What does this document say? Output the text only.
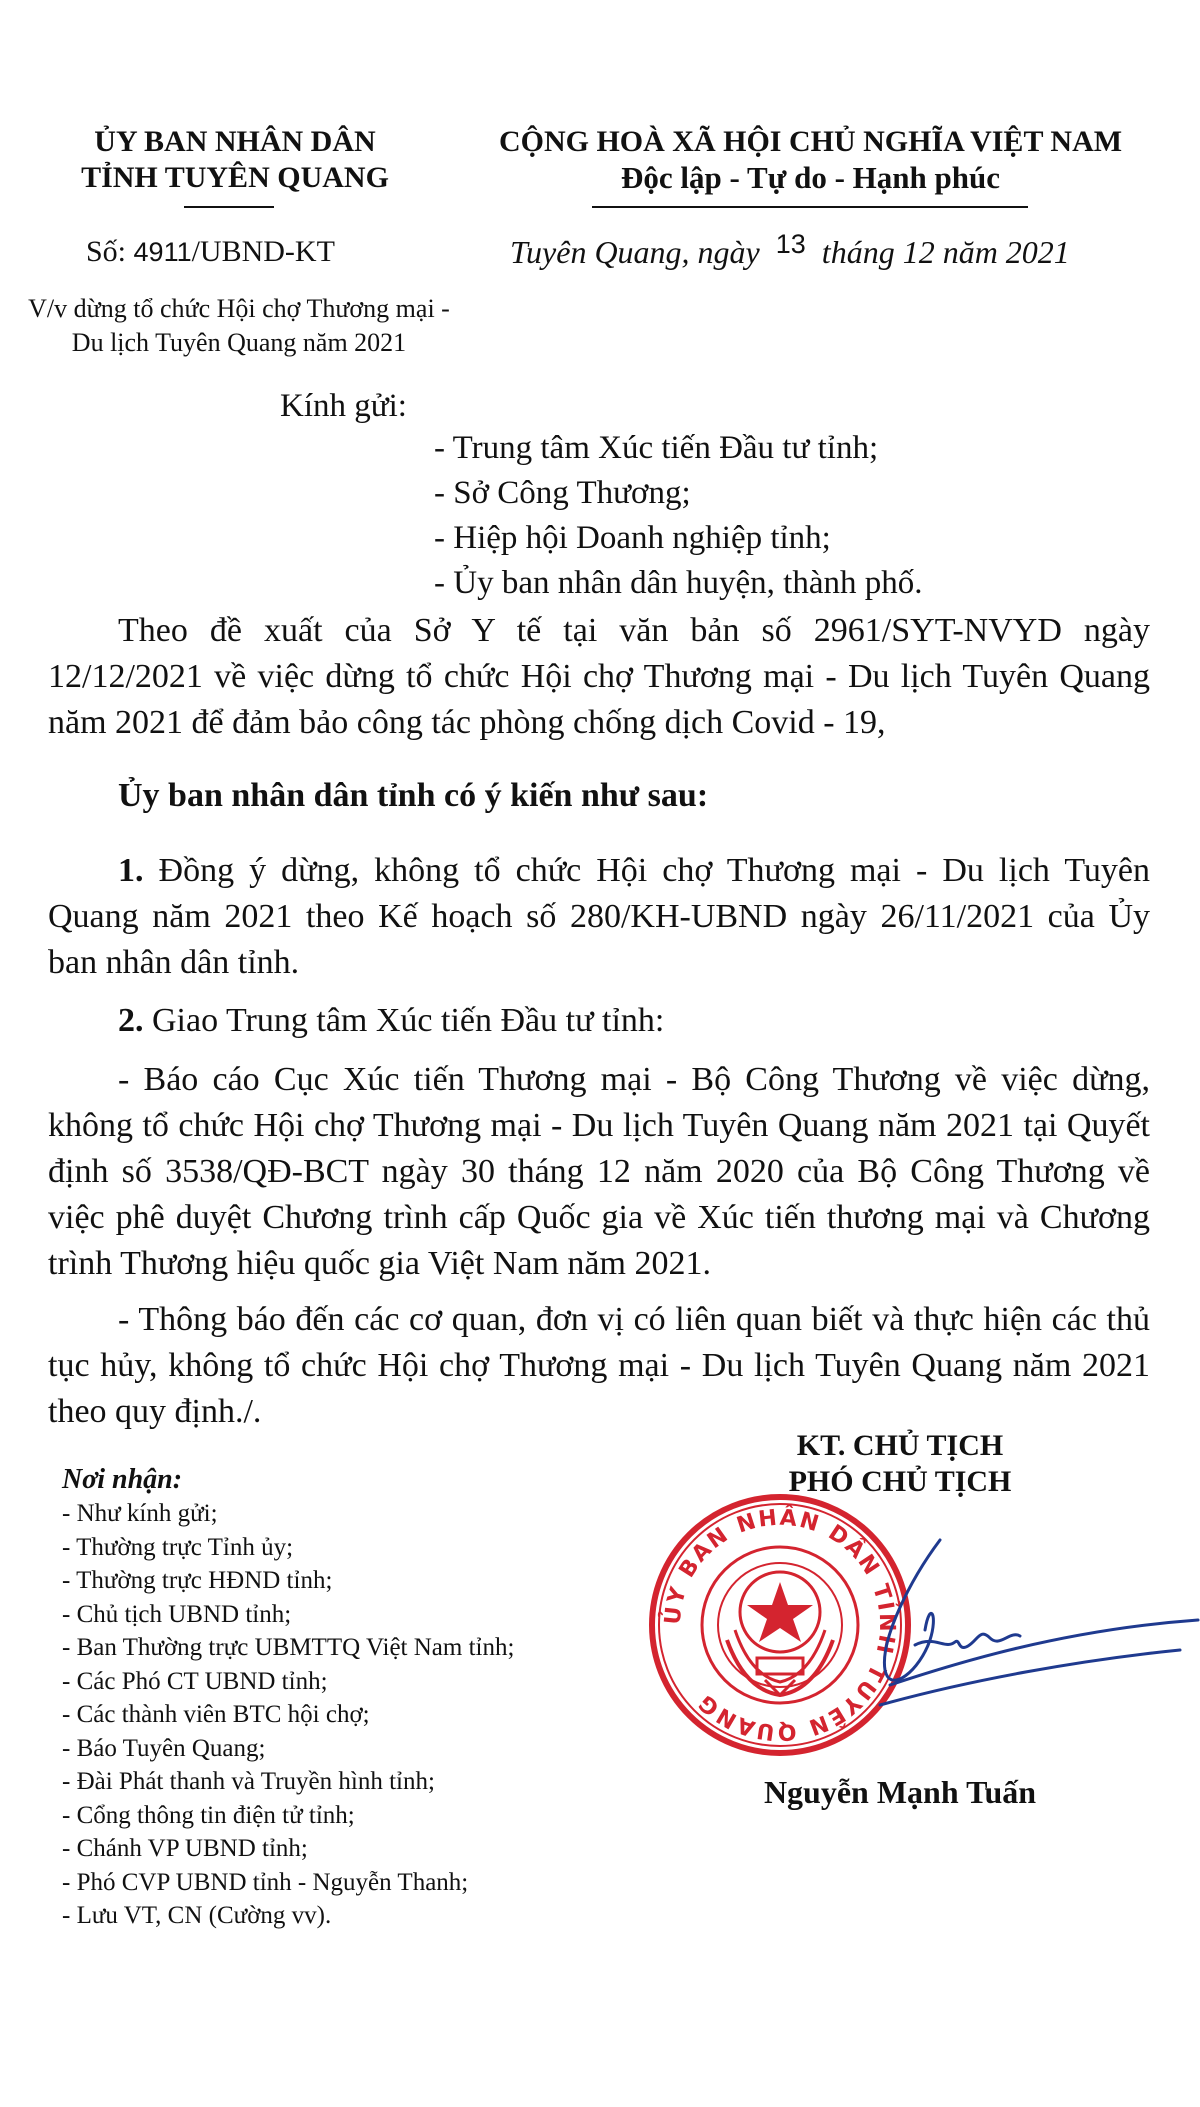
ỦY BAN NHÂN DÂN
TỈNH TUYÊN QUANG
CỘNG HOÀ XÃ HỘI CHỦ NGHĨA VIỆT NAM
Độc lập - Tự do - Hạnh phúc
Số: 4911/UBND-KT	Tuyên Quang, ngày $^{13}$ tháng 12 năm 2021
V/v dừng tổ chức Hội chợ Thương mại -
Du lịch Tuyên Quang năm 2021
Kính gửi:
- Trung tâm Xúc tiến Đầu tư tỉnh;
- Sở Công Thương;
- Hiệp hội Doanh nghiệp tỉnh;
- Ủy ban nhân dân huyện, thành phố.
Theo đề xuất của Sở Y tế tại văn bản số 2961/SYT-NVYD ngày 12/12/2021 về việc dừng tổ chức Hội chợ Thương mại - Du lịch Tuyên Quang năm 2021 để đảm bảo công tác phòng chống dịch Covid - 19,
Ủy ban nhân dân tỉnh có ý kiến như sau:
1. Đồng ý dừng, không tổ chức Hội chợ Thương mại - Du lịch Tuyên Quang năm 2021 theo Kế hoạch số 280/KH-UBND ngày 26/11/2021 của Ủy ban nhân dân tỉnh.
2. Giao Trung tâm Xúc tiến Đầu tư tỉnh:
- Báo cáo Cục Xúc tiến Thương mại - Bộ Công Thương về việc dừng, không tổ chức Hội chợ Thương mại - Du lịch Tuyên Quang năm 2021 tại Quyết định số 3538/QĐ-BCT ngày 30 tháng 12 năm 2020 của Bộ Công Thương về việc phê duyệt Chương trình cấp Quốc gia về Xúc tiến thương mại và Chương trình Thương hiệu quốc gia Việt Nam năm 2021.
- Thông báo đến các cơ quan, đơn vị có liên quan biết và thực hiện các thủ tục hủy, không tổ chức Hội chợ Thương mại - Du lịch Tuyên Quang năm 2021 theo quy định./.
Nơi nhận:
- Như kính gửi;
- Thường trực Tỉnh ủy;
- Thường trực HĐND tỉnh;
- Chủ tịch UBND tỉnh;
- Ban Thường trực UBMTTQ Việt Nam tỉnh;
- Các Phó CT UBND tỉnh;
- Các thành viên BTC hội chợ;
- Báo Tuyên Quang;
- Đài Phát thanh và Truyền hình tỉnh;
- Cổng thông tin điện tử tỉnh;
- Chánh VP UBND tỉnh;
- Phó CVP UBND tỉnh - Nguyễn Thanh;
- Lưu VT, CN (Cường vv).
KT. CHỦ TỊCH
PHÓ CHỦ TỊCH
ỦY BAN NHÂN DÂN TỈNH TUYÊN QUANG
Nguyễn Mạnh Tuấn
